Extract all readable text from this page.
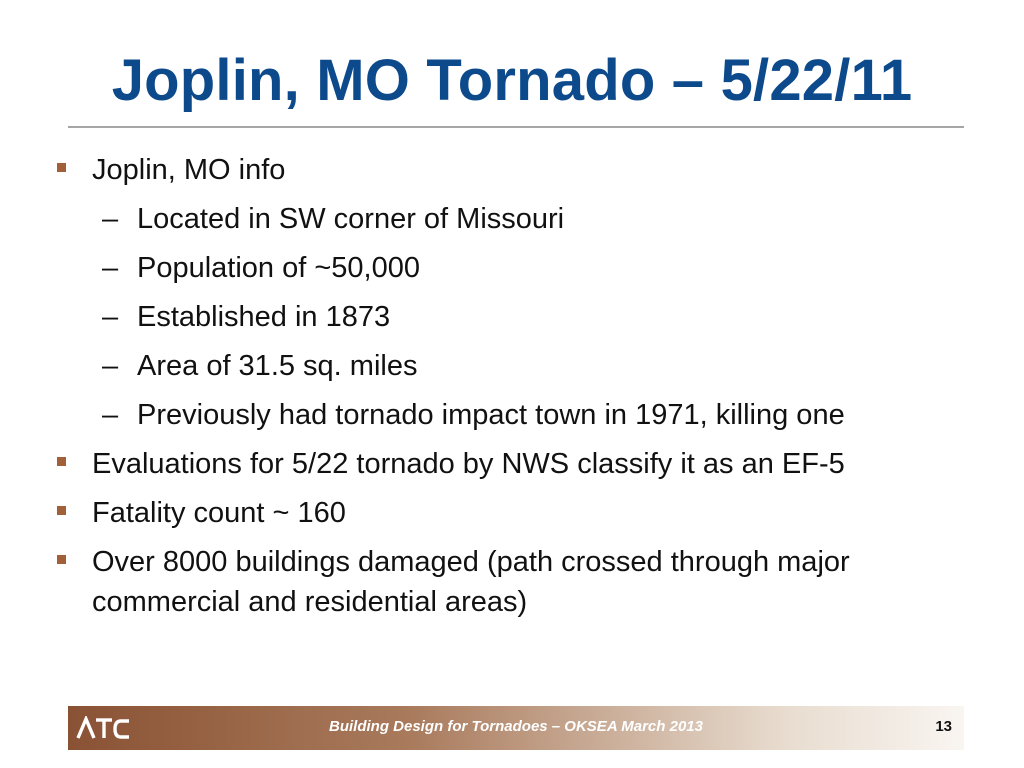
Joplin, MO Tornado – 5/22/11
Joplin, MO info
– Located in SW corner of Missouri
– Population of ~50,000
– Established in 1873
– Area of 31.5 sq. miles
– Previously had tornado impact town in 1971, killing one
Evaluations for 5/22 tornado by NWS classify it as an EF-5
Fatality count ~ 160
Over 8000 buildings damaged (path crossed through major commercial and residential areas)
Building Design for Tornadoes – OKSEA March 2013	13
